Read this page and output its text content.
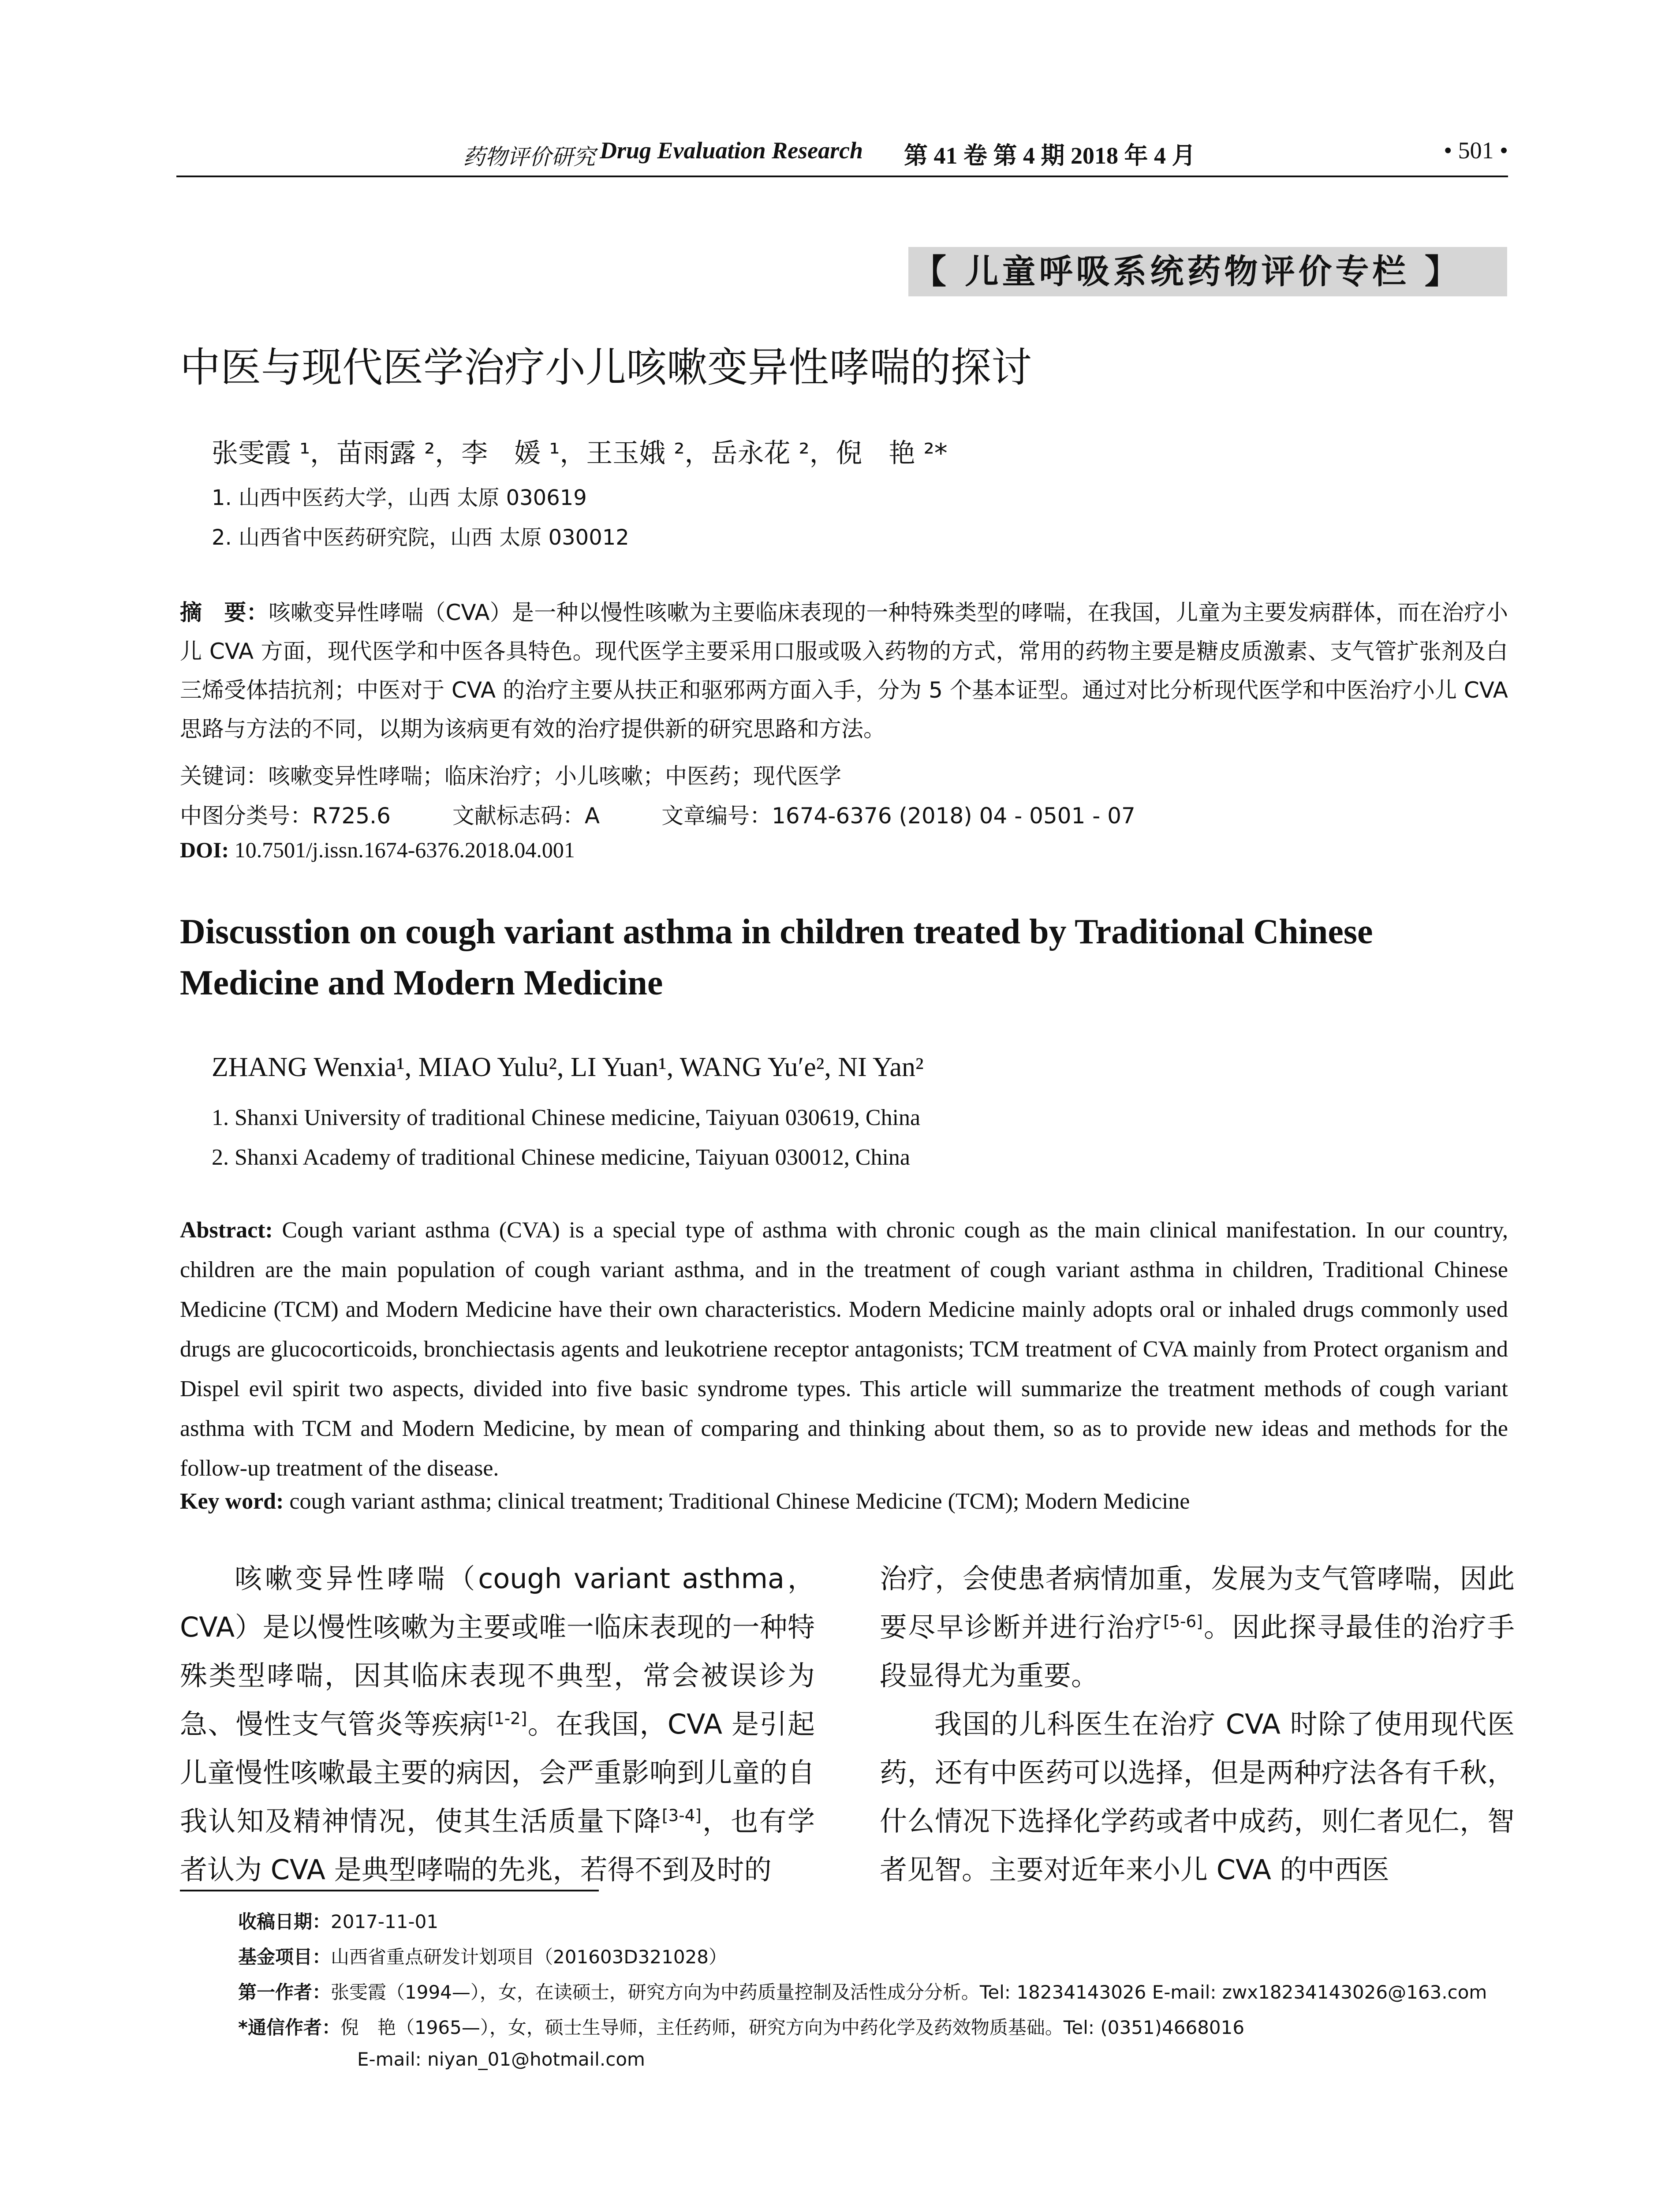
药物评价研究 Drug Evaluation Research 第 41 卷 第 4 期 2018 年 4 月	• 501 •
【 儿童呼吸系统药物评价专栏 】
中医与现代医学治疗小儿咳嗽变异性哮喘的探讨
张雯霞 ¹，苗雨露 ²，李　媛 ¹，王玉娥 ²，岳永花 ²，倪　艳 ²*
1. 山西中医药大学，山西 太原 030619
2. 山西省中医药研究院，山西 太原 030012
摘　要：咳嗽变异性哮喘（CVA）是一种以慢性咳嗽为主要临床表现的一种特殊类型的哮喘，在我国，儿童为主要发病群体，而在治疗小儿 CVA 方面，现代医学和中医各具特色。现代医学主要采用口服或吸入药物的方式，常用的药物主要是糖皮质激素、支气管扩张剂及白三烯受体拮抗剂；中医对于 CVA 的治疗主要从扶正和驱邪两方面入手，分为 5 个基本证型。通过对比分析现代医学和中医治疗小儿 CVA 思路与方法的不同，以期为该病更有效的治疗提供新的研究思路和方法。
关键词：咳嗽变异性哮喘；临床治疗；小儿咳嗽；中医药；现代医学
中图分类号：R725.6	文献标志码：A	文章编号：1674-6376 (2018) 04 - 0501 - 07
DOI: 10.7501/j.issn.1674-6376.2018.04.001
Discusstion on cough variant asthma in children treated by Traditional Chinese Medicine and Modern Medicine
ZHANG Wenxia¹, MIAO Yulu², LI Yuan¹, WANG Yu′e², NI Yan²
1. Shanxi University of traditional Chinese medicine, Taiyuan 030619, China
2. Shanxi Academy of traditional Chinese medicine, Taiyuan 030012, China
Abstract: Cough variant asthma (CVA) is a special type of asthma with chronic cough as the main clinical manifestation. In our country, children are the main population of cough variant asthma, and in the treatment of cough variant asthma in children, Traditional Chinese Medicine (TCM) and Modern Medicine have their own characteristics. Modern Medicine mainly adopts oral or inhaled drugs commonly used drugs are glucocorticoids, bronchiectasis agents and leukotriene receptor antagonists; TCM treatment of CVA mainly from Protect organism and Dispel evil spirit two aspects, divided into five basic syndrome types. This article will summarize the treatment methods of cough variant asthma with TCM and Modern Medicine, by mean of comparing and thinking about them, so as to provide new ideas and methods for the follow-up treatment of the disease.
Key word: cough variant asthma; clinical treatment; Traditional Chinese Medicine (TCM); Modern Medicine

咳嗽变异性哮喘（cough variant asthma，CVA）是以慢性咳嗽为主要或唯一临床表现的一种特殊类型哮喘，因其临床表现不典型，常会被误诊为急、慢性支气管炎等疾病[1-2]。在我国，CVA 是引起儿童慢性咳嗽最主要的病因，会严重影响到儿童的自我认知及精神情况，使其生活质量下降[3-4]，也有学者认为 CVA 是典型哮喘的先兆，若得不到及时的

治疗，会使患者病情加重，发展为支气管哮喘，因此要尽早诊断并进行治疗[5-6]。因此探寻最佳的治疗手段显得尤为重要。

我国的儿科医生在治疗 CVA 时除了使用现代医药，还有中医药可以选择，但是两种疗法各有千秋，什么情况下选择化学药或者中成药，则仁者见仁，智者见智。主要对近年来小儿 CVA 的中西医

收稿日期：2017-11-01
基金项目：山西省重点研发计划项目（201603D321028）
第一作者：张雯霞（1994—），女，在读硕士，研究方向为中药质量控制及活性成分分析。Tel: 18234143026 E-mail: zwx18234143026@163.com
*通信作者：倪　艳（1965—），女，硕士生导师，主任药师，研究方向为中药化学及药效物质基础。Tel: (0351)4668016
E-mail: niyan_01@hotmail.com
